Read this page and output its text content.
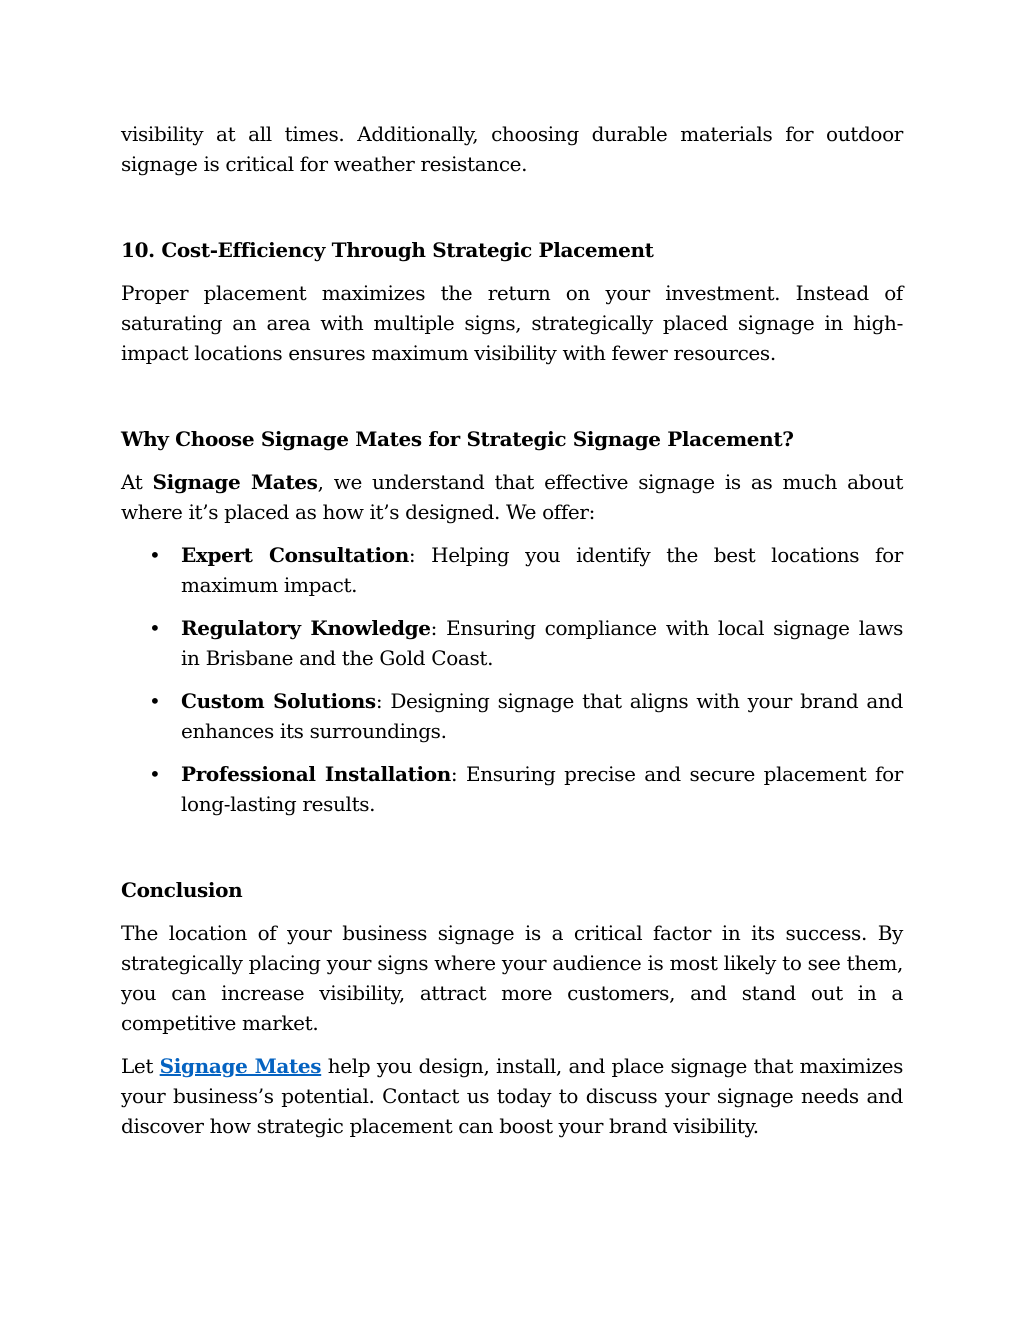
visibility at all times. Additionally, choosing durable materials for outdoor signage is critical for weather resistance.

10. Cost-Efficiency Through Strategic Placement

Proper placement maximizes the return on your investment. Instead of saturating an area with multiple signs, strategically placed signage in high-impact locations ensures maximum visibility with fewer resources.

Why Choose Signage Mates for Strategic Signage Placement?

At Signage Mates, we understand that effective signage is as much about where it’s placed as how it’s designed. We offer:

• Expert Consultation: Helping you identify the best locations for maximum impact.
• Regulatory Knowledge: Ensuring compliance with local signage laws in Brisbane and the Gold Coast.
• Custom Solutions: Designing signage that aligns with your brand and enhances its surroundings.
• Professional Installation: Ensuring precise and secure placement for long-lasting results.
Conclusion

The location of your business signage is a critical factor in its success. By strategically placing your signs where your audience is most likely to see them, you can increase visibility, attract more customers, and stand out in a competitive market.

Let Signage Mates help you design, install, and place signage that maximizes your business’s potential. Contact us today to discuss your signage needs and discover how strategic placement can boost your brand visibility.
